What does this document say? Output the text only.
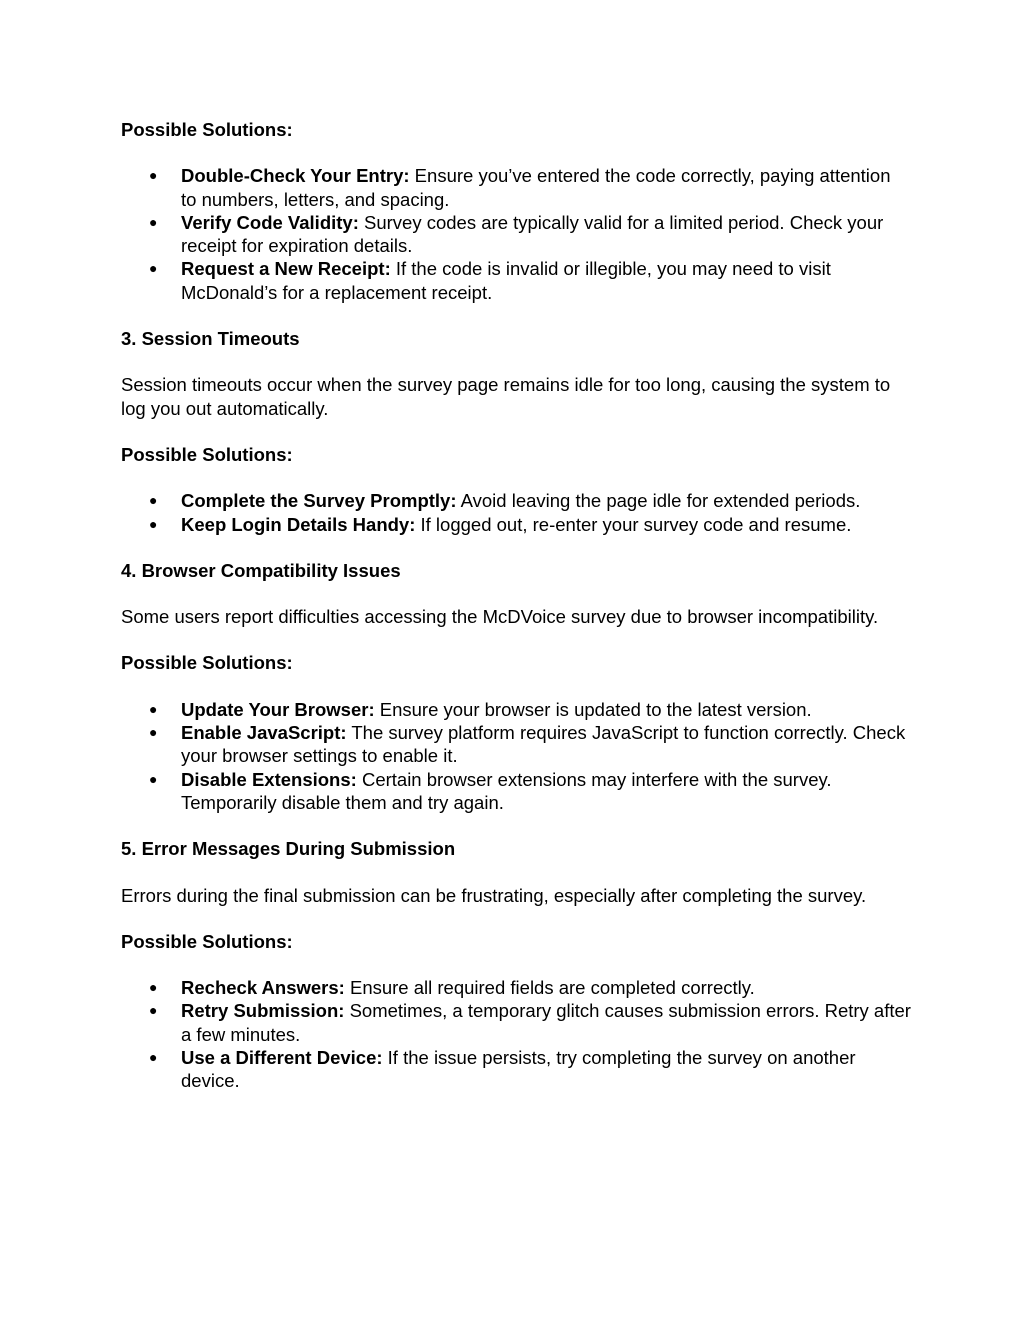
Possible Solutions:

● Double-Check Your Entry: Ensure you’ve entered the code correctly, paying attention to numbers, letters, and spacing.
● Verify Code Validity: Survey codes are typically valid for a limited period. Check your receipt for expiration details.
● Request a New Receipt: If the code is invalid or illegible, you may need to visit McDonald’s for a replacement receipt.

3. Session Timeouts

Session timeouts occur when the survey page remains idle for too long, causing the system to log you out automatically.

Possible Solutions:

● Complete the Survey Promptly: Avoid leaving the page idle for extended periods.
● Keep Login Details Handy: If logged out, re-enter your survey code and resume.

4. Browser Compatibility Issues

Some users report difficulties accessing the McDVoice survey due to browser incompatibility.

Possible Solutions:

● Update Your Browser: Ensure your browser is updated to the latest version.
● Enable JavaScript: The survey platform requires JavaScript to function correctly. Check your browser settings to enable it.
● Disable Extensions: Certain browser extensions may interfere with the survey. Temporarily disable them and try again.

5. Error Messages During Submission

Errors during the final submission can be frustrating, especially after completing the survey.

Possible Solutions:

● Recheck Answers: Ensure all required fields are completed correctly.
● Retry Submission: Sometimes, a temporary glitch causes submission errors. Retry after a few minutes.
● Use a Different Device: If the issue persists, try completing the survey on another device.
